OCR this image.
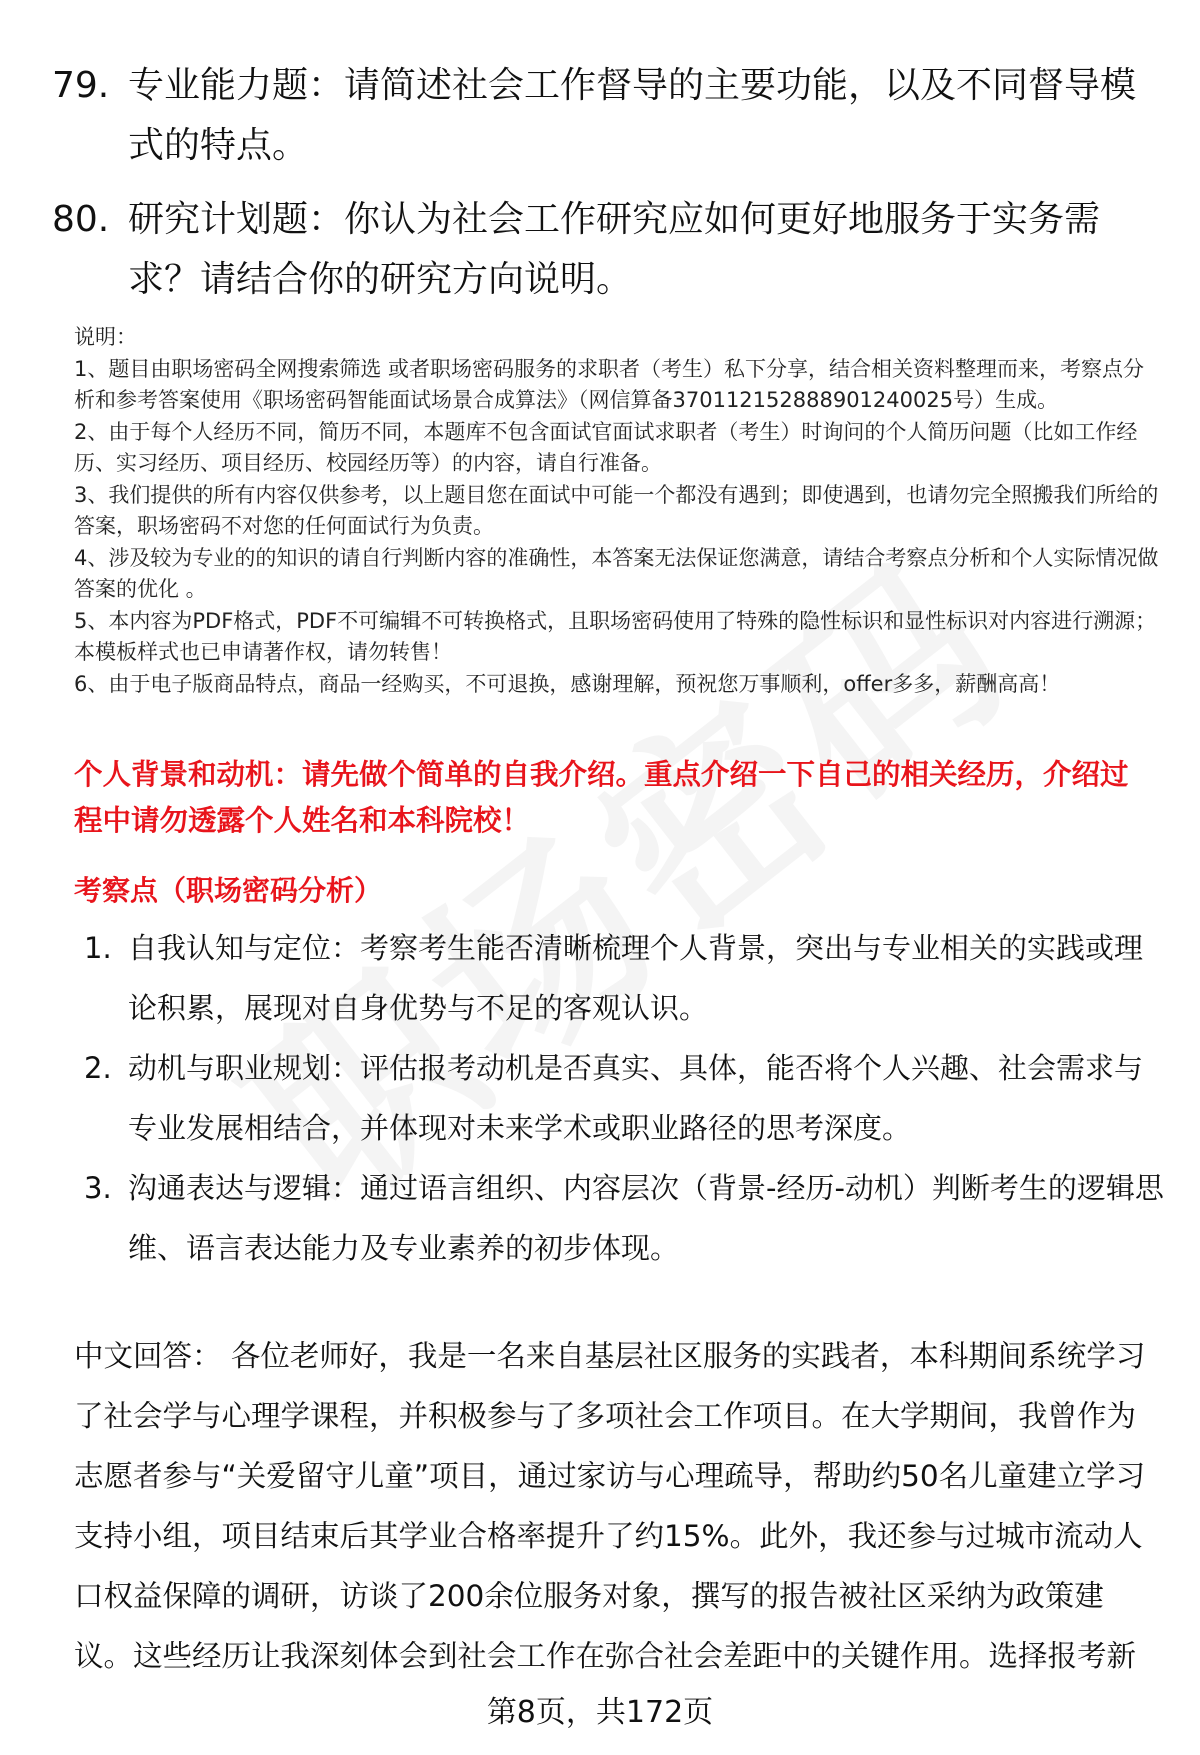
79. 专业能力题：请简述社会工作督导的主要功能，以及不同督导模式的特点。
80. 研究计划题：你认为社会工作研究应如何更好地服务于实务需求？请结合你的研究方向说明。
说明：
1、题目由职场密码全网搜索筛选 或者职场密码服务的求职者（考生）私下分享，结合相关资料整理而来，考察点分析和参考答案使用《职场密码智能面试场景合成算法》（网信算备370112152888901240025号）生成。
2、由于每个人经历不同，简历不同，本题库不包含面试官面试求职者（考生）时询问的个人简历问题（比如工作经历、实习经历、项目经历、校园经历等）的内容，请自行准备。
3、我们提供的所有内容仅供参考，以上题目您在面试中可能一个都没有遇到；即使遇到，也请勿完全照搬我们所给的答案，职场密码不对您的任何面试行为负责。
4、涉及较为专业的的知识的请自行判断内容的准确性，本答案无法保证您满意，请结合考察点分析和个人实际情况做答案的优化 。
5、本内容为PDF格式，PDF不可编辑不可转换格式，且职场密码使用了特殊的隐性标识和显性标识对内容进行溯源；本模板样式也已申请著作权，请勿转售！
6、由于电子版商品特点，商品一经购买，不可退换，感谢理解，预祝您万事顺利，offer多多，薪酬高高！
个人背景和动机：请先做个简单的自我介绍。重点介绍一下自己的相关经历，介绍过程中请勿透露个人姓名和本科院校！
考察点（职场密码分析）
1. 自我认知与定位：考察考生能否清晰梳理个人背景，突出与专业相关的实践或理论积累，展现对自身优势与不足的客观认识。
2. 动机与职业规划：评估报考动机是否真实、具体，能否将个人兴趣、社会需求与专业发展相结合，并体现对未来学术或职业路径的思考深度。
3. 沟通表达与逻辑：通过语言组织、内容层次（背景-经历-动机）判断考生的逻辑思维、语言表达能力及专业素养的初步体现。
中文回答： 各位老师好，我是一名来自基层社区服务的实践者，本科期间系统学习了社会学与心理学课程，并积极参与了多项社会工作项目。在大学期间，我曾作为志愿者参与“关爱留守儿童”项目，通过家访与心理疏导，帮助约50名儿童建立学习支持小组，项目结束后其学业合格率提升了约15%。此外，我还参与过城市流动人口权益保障的调研，访谈了200余位服务对象，撰写的报告被社区采纳为政策建议。这些经历让我深刻体会到社会工作在弥合社会差距中的关键作用。选择报考新
第8页，共172页
